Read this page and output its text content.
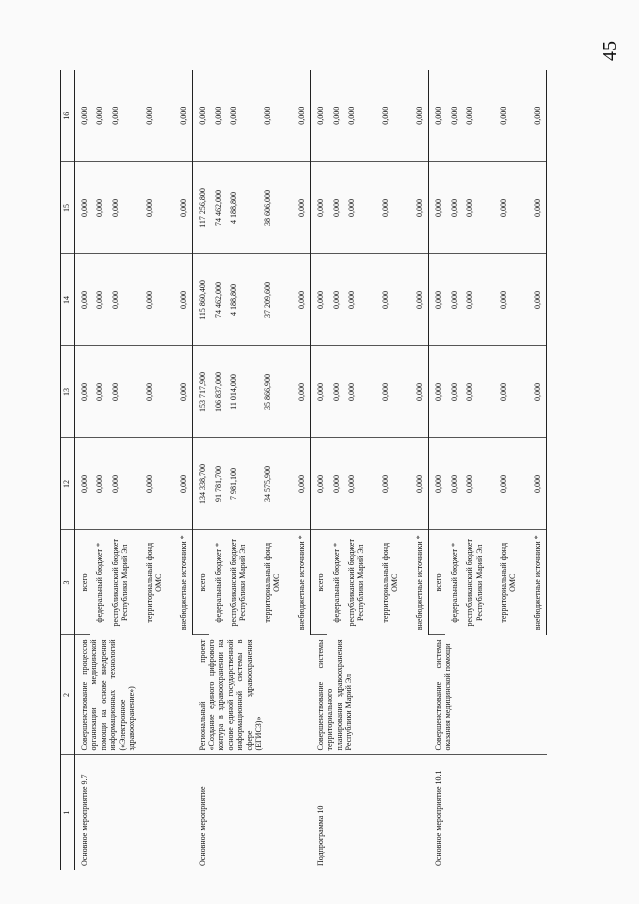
45
1	2	3	12	13	14	15	16
Основное мероприятие 9.7	Совершенствование процессов организации медицинской помощи на основе внедрения информационных технологий («Электронное здравоохранение»)	всего	0,000	0,000	0,000	0,000	0,000
		федеральный бюджет *	0,000	0,000	0,000	0,000	0,000
		республиканский бюджет Республики Марий Эл	0,000	0,000	0,000	0,000	0,000
		территориальный фонд ОМС	0,000	0,000	0,000	0,000	0,000
		внебюджетные источники *	0,000	0,000	0,000	0,000	0,000
Основное мероприятие	Региональный проект «Создание единого цифрового контура в здравоохранении на основе единой государственной информационной системы в сфере здравоохранения (ЕГИСЗ)»	всего	134 338,700	153 717,900	115 860,400	117 256,800	0,000
		федеральный бюджет *	91 781,700	106 837,000	74 462,000	74 462,000	0,000
		республиканский бюджет Республики Марий Эл	7 981,100	11 014,000	4 188,800	4 188,800	0,000
		территориальный фонд ОМС	34 575,900	35 866,900	37 209,600	38 606,000	0,000
		внебюджетные источники *	0,000	0,000	0,000	0,000	0,000
Подпрограмма 10	Совершенствование системы территориального планирования здравоохранения Республики Марий Эл	всего	0,000	0,000	0,000	0,000	0,000
		федеральный бюджет *	0,000	0,000	0,000	0,000	0,000
		республиканский бюджет Республики Марий Эл	0,000	0,000	0,000	0,000	0,000
		территориальный фонд ОМС	0,000	0,000	0,000	0,000	0,000
		внебюджетные источники *	0,000	0,000	0,000	0,000	0,000
Основное мероприятие 10.1	Совершенствование системы оказания медицинской помощи	всего	0,000	0,000	0,000	0,000	0,000
		федеральный бюджет *	0,000	0,000	0,000	0,000	0,000
		республиканский бюджет Республики Марий Эл	0,000	0,000	0,000	0,000	0,000
		территориальный фонд ОМС	0,000	0,000	0,000	0,000	0,000
		внебюджетные источники *	0,000	0,000	0,000	0,000	0,000
